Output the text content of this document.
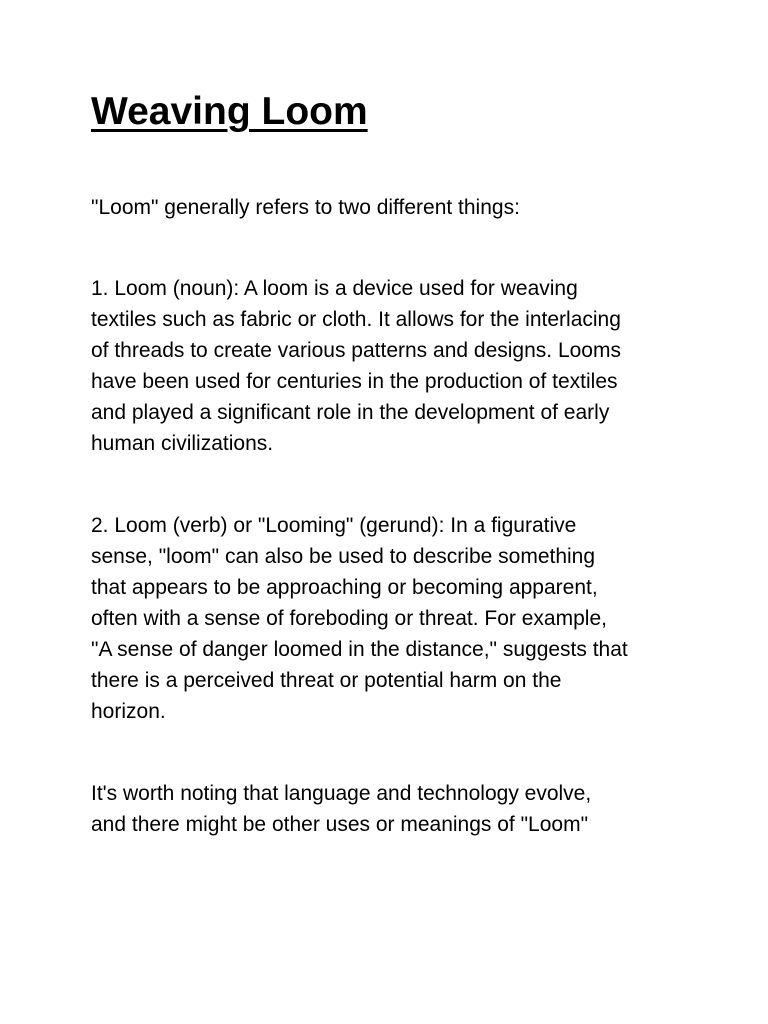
Weaving Loom

"Loom" generally refers to two different things:

1. Loom (noun): A loom is a device used for weaving
textiles such as fabric or cloth. It allows for the interlacing
of threads to create various patterns and designs. Looms
have been used for centuries in the production of textiles
and played a significant role in the development of early
human civilizations.

2. Loom (verb) or "Looming" (gerund): In a figurative
sense, "loom" can also be used to describe something
that appears to be approaching or becoming apparent,
often with a sense of foreboding or threat. For example,
"A sense of danger loomed in the distance," suggests that
there is a perceived threat or potential harm on the
horizon.

It's worth noting that language and technology evolve,
and there might be other uses or meanings of "Loom"
